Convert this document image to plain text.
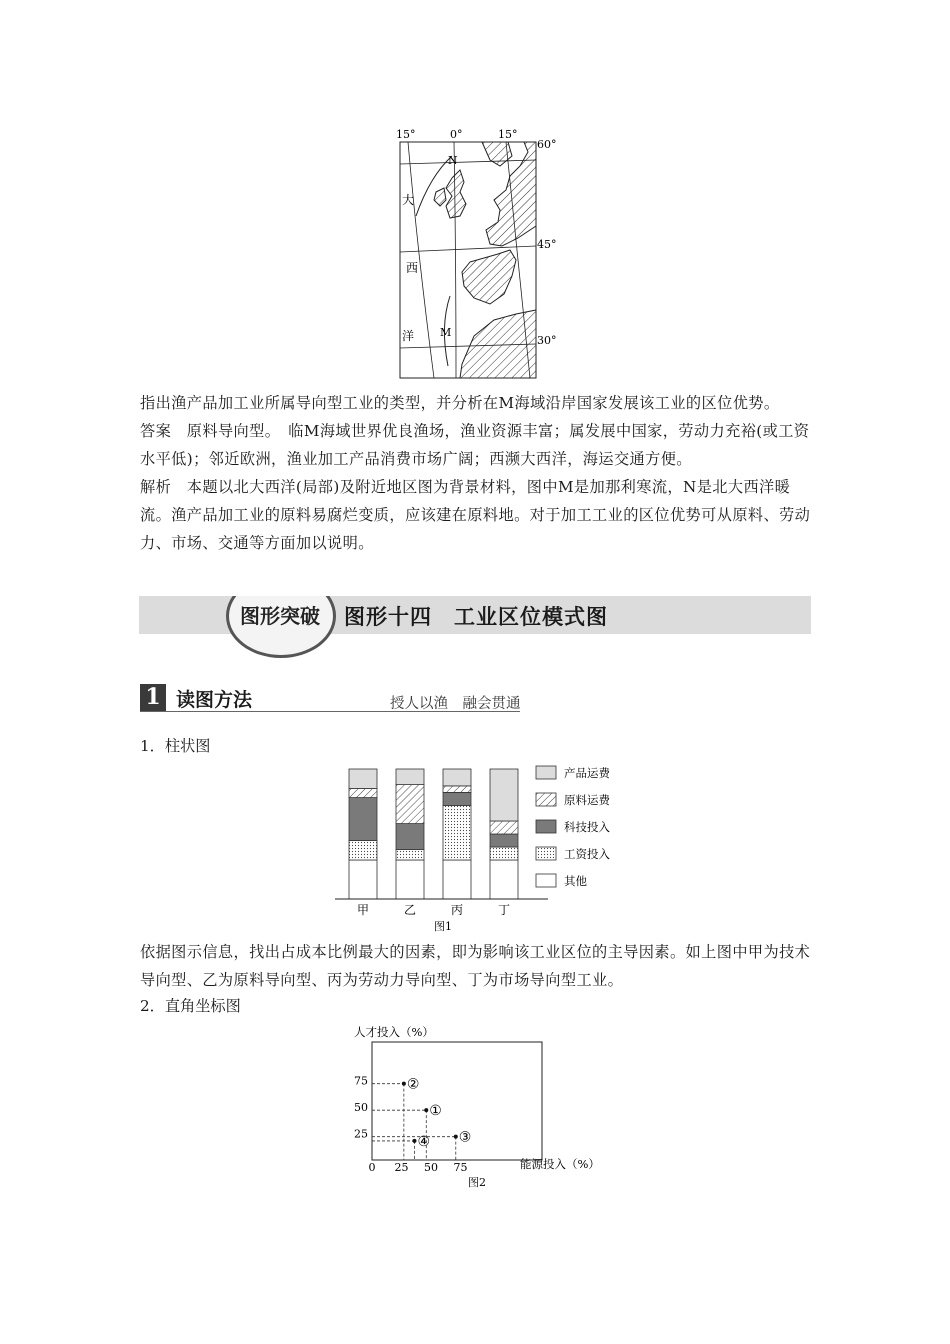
15°	0°	15°
60°
45°
30°
大
西
洋
N
M

指出渔产品加工业所属导向型工业的类型，并分析在M海域沿岸国家发展该工业的区位优势。

答案　 原料导向型。　临M海域世界优良渔场，渔业资源丰富；属发展中国家，劳动力充裕(或工资水平低)；邻近欧洲，渔业加工产品消费市场广阔；西濒大西洋，海运交通方便。

解析　 本题以北大西洋(局部)及附近地区图为背景材料，图中M是加那利寒流，N是北大西洋暖流。渔产品加工业的原料易腐烂变质，应该建在原料地。对于加工工业的区位优势可从原料、劳动力、市场、交通等方面加以说明。

图形突破	图形十四　工业区位模式图
1 读图方法	授人以渔　融会贯通
1．柱状图
甲	乙	丙	丁
产品运费
原料运费
科技投入
工资投入
其他
图1
依据图示信息，找出占成本比例最大的因素，即为影响该工业区位的主导因素。如上图中甲为技术导向型、乙为原料导向型、丙为劳动力导向型、丁为市场导向型工业。
2．直角坐标图
人才投入（%）
能源投入（%）
0 25 50 75
25
50
75
①
②
③
④
图2
